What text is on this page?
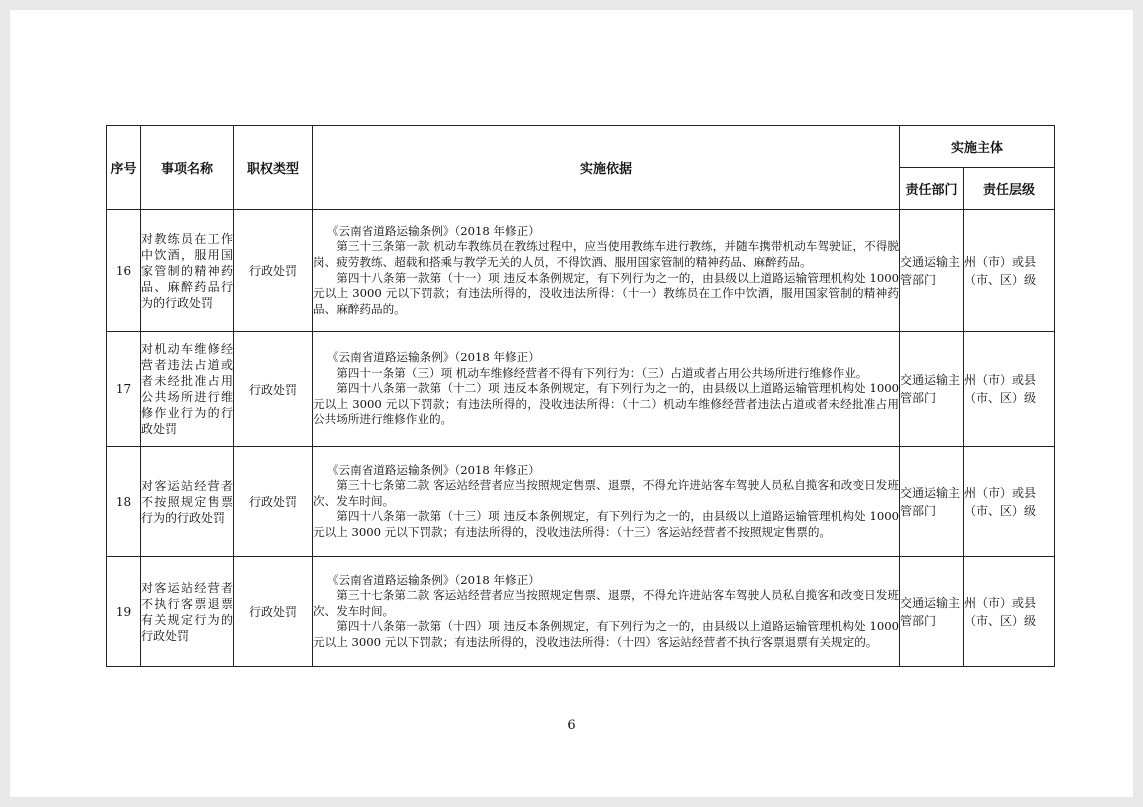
序号	事项名称	职权类型	实施依据	实施主体	
				责任部门	责任层级
16	对教练员在工作中饮酒，服用国家管制的精神药品、麻醉药品行为的行政处罚	行政处罚	《云南省道路运输条例》（2018 年修正）

第三十三条第一款 机动车教练员在教练过程中，应当使用教练车进行教练，并随车携带机动车驾驶证，不得脱岗、疲劳教练、超载和搭乘与教学无关的人员，不得饮酒、服用国家管制的精神药品、麻醉药品。

第四十八条第一款第（十一）项 违反本条例规定，有下列行为之一的，由县级以上道路运输管理机构处 1000 元以上 3000 元以下罚款；有违法所得的，没收违法所得：（十一）教练员在工作中饮酒，服用国家管制的精神药品、麻醉药品的。	交通运输主管部门	州（市）或县（市、区）级
17	对机动车维修经营者违法占道或者未经批准占用公共场所进行维修作业行为的行政处罚	行政处罚	《云南省道路运输条例》（2018 年修正）

第四十一条第（三）项 机动车维修经营者不得有下列行为：（三）占道或者占用公共场所进行维修作业。

第四十八条第一款第（十二）项 违反本条例规定，有下列行为之一的，由县级以上道路运输管理机构处 1000 元以上 3000 元以下罚款；有违法所得的，没收违法所得：（十二）机动车维修经营者违法占道或者未经批准占用公共场所进行维修作业的。	交通运输主管部门	州（市）或县（市、区）级
18	对客运站经营者不按照规定售票行为的行政处罚	行政处罚	《云南省道路运输条例》（2018 年修正）

第三十七条第二款 客运站经营者应当按照规定售票、退票，不得允许进站客车驾驶人员私自揽客和改变日发班次、发车时间。

第四十八条第一款第（十三）项 违反本条例规定，有下列行为之一的，由县级以上道路运输管理机构处 1000 元以上 3000 元以下罚款；有违法所得的，没收违法所得：（十三）客运站经营者不按照规定售票的。	交通运输主管部门	州（市）或县（市、区）级
19	对客运站经营者不执行客票退票有关规定行为的行政处罚	行政处罚	《云南省道路运输条例》（2018 年修正）

第三十七条第二款 客运站经营者应当按照规定售票、退票，不得允许进站客车驾驶人员私自揽客和改变日发班次、发车时间。

第四十八条第一款第（十四）项 违反本条例规定，有下列行为之一的，由县级以上道路运输管理机构处 1000 元以上 3000 元以下罚款；有违法所得的，没收违法所得：（十四）客运站经营者不执行客票退票有关规定的。	交通运输主管部门	州（市）或县（市、区）级
6
